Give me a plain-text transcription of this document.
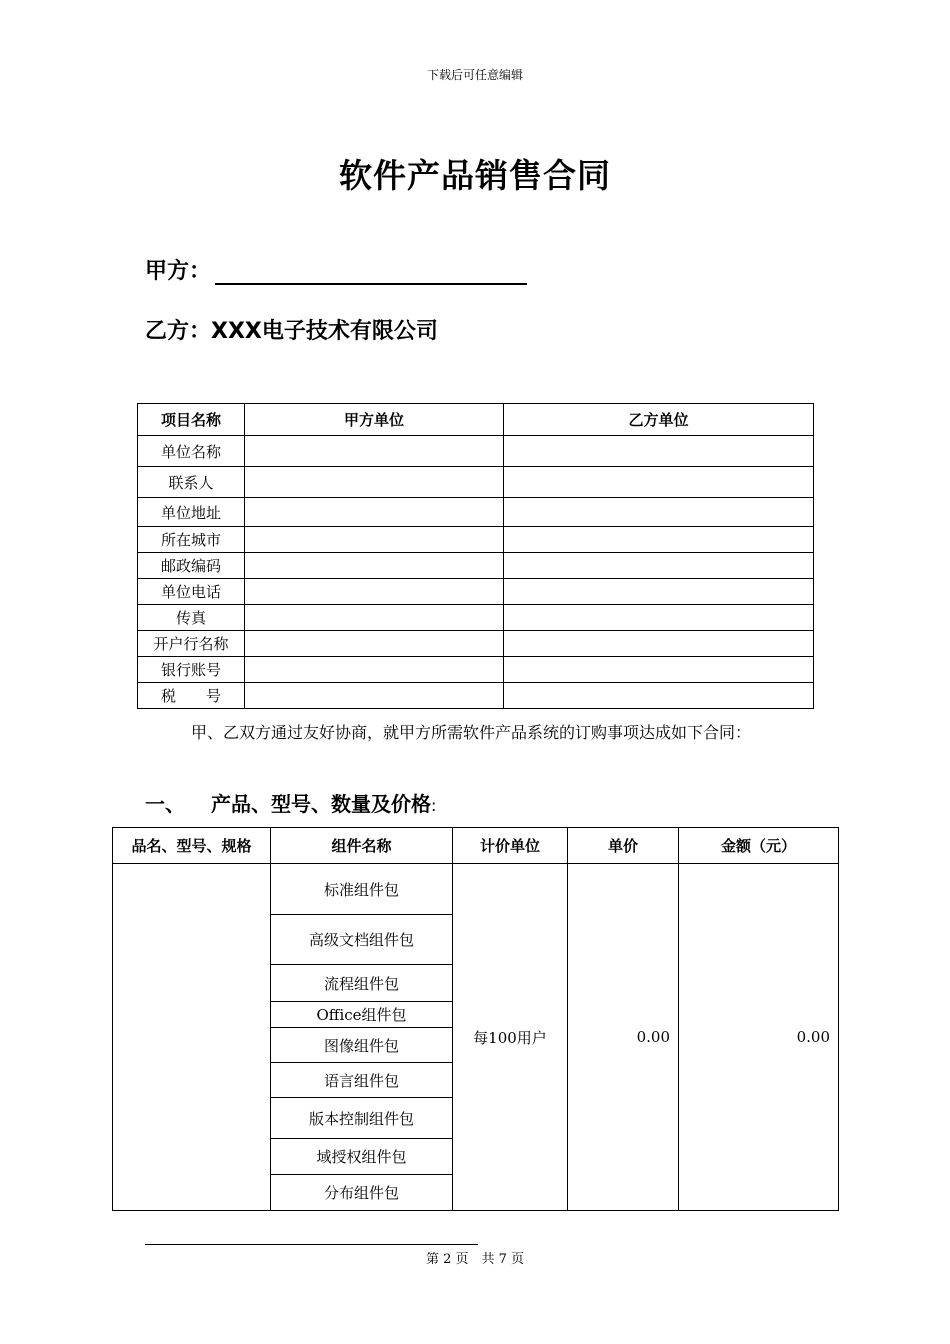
下载后可任意编辑
软件产品销售合同
甲方：
乙方：XXX电子技术有限公司
项目名称	甲方单位	乙方单位
单位名称		
联系人		
单位地址		
所在城市		
邮政编码		
单位电话		
传真		
开户行名称		
银行账号		
税　　号		
甲、乙双方通过友好协商，就甲方所需软件产品系统的订购事项达成如下合同：
一、 产品、型号、数量及价格:
品名、型号、规格	组件名称	计价单位	单价	金额（元）
	标准组件包	每100用户	0.00	0.00
	高级文档组件包			
	流程组件包			
	Office组件包			
	图像组件包			
	语言组件包			
	版本控制组件包			
	域授权组件包			
	分布组件包			
第 2 页　共 7 页
